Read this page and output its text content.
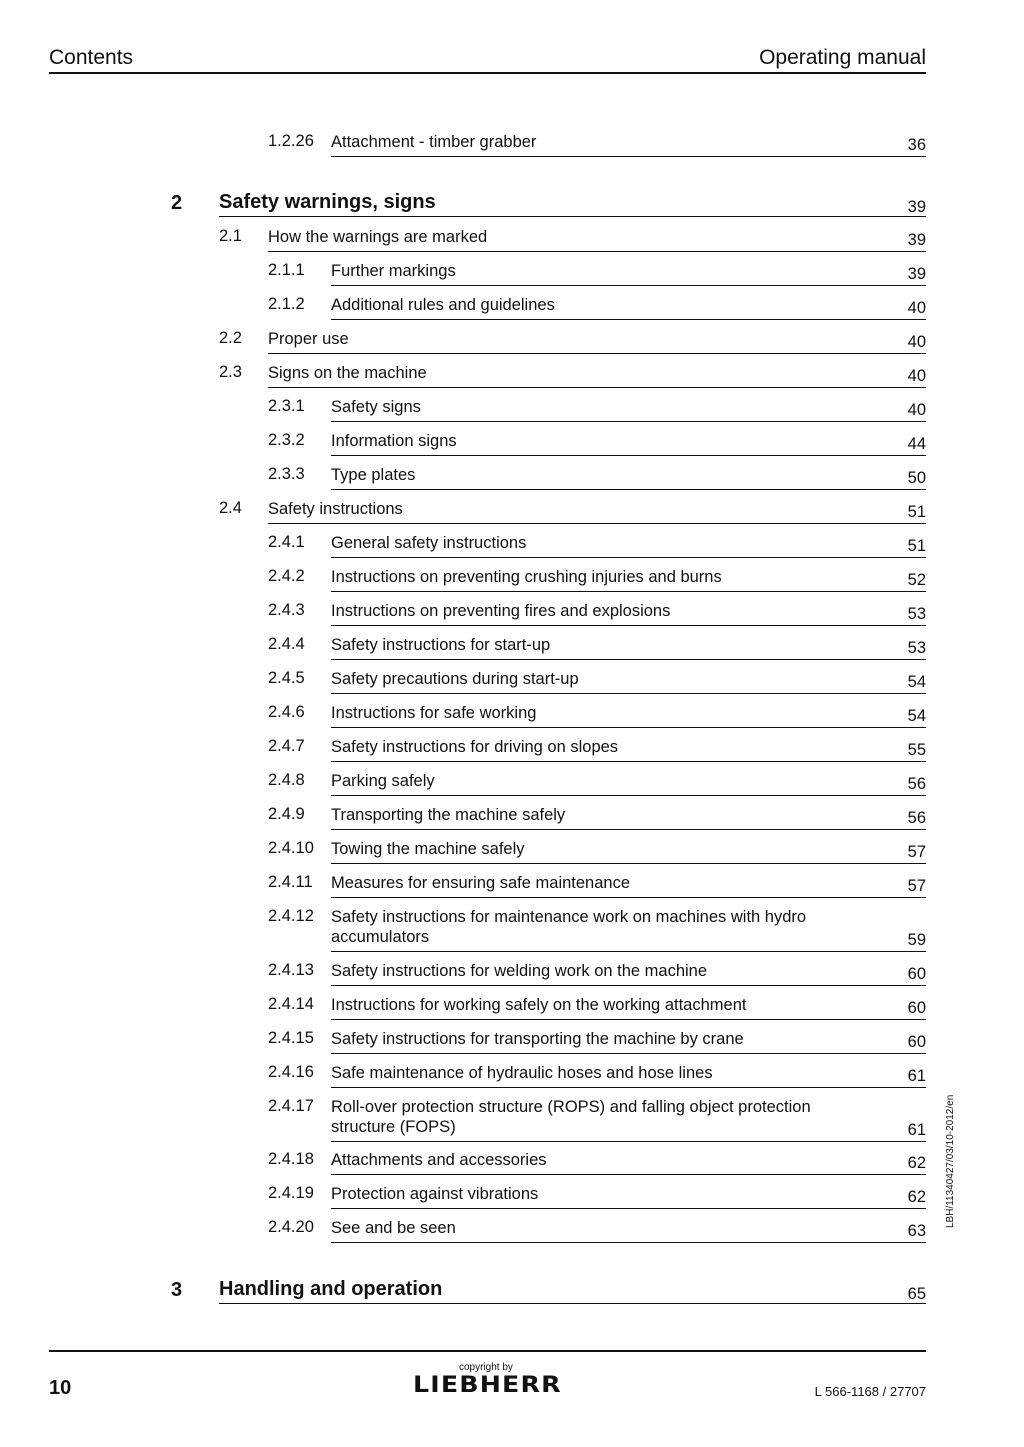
Contents	Operating manual
1.2.26 Attachment - timber grabber	36
2 Safety warnings, signs	39
2.1 How the warnings are marked	39
2.1.1 Further markings	39
2.1.2 Additional rules and guidelines	40
2.2 Proper use	40
2.3 Signs on the machine	40
2.3.1 Safety signs	40
2.3.2 Information signs	44
2.3.3 Type plates	50
2.4 Safety instructions	51
2.4.1 General safety instructions	51
2.4.2 Instructions on preventing crushing injuries and burns	52
2.4.3 Instructions on preventing fires and explosions	53
2.4.4 Safety instructions for start-up	53
2.4.5 Safety precautions during start-up	54
2.4.6 Instructions for safe working	54
2.4.7 Safety instructions for driving on slopes	55
2.4.8 Parking safely	56
2.4.9 Transporting the machine safely	56
2.4.10 Towing the machine safely	57
2.4.11 Measures for ensuring safe maintenance	57
2.4.12 Safety instructions for maintenance work on machines with hydro accumulators	59
2.4.13 Safety instructions for welding work on the machine	60
2.4.14 Instructions for working safely on the working attachment	60
2.4.15 Safety instructions for transporting the machine by crane	60
2.4.16 Safe maintenance of hydraulic hoses and hose lines	61
2.4.17 Roll-over protection structure (ROPS) and falling object protection structure (FOPS)	61
2.4.18 Attachments and accessories	62
2.4.19 Protection against vibrations	62
2.4.20 See and be seen	63
3 Handling and operation	65
LBH/11340427/03/10-2012/en
10
copyright by
LIEBHERR	L 566-1168 / 27707
